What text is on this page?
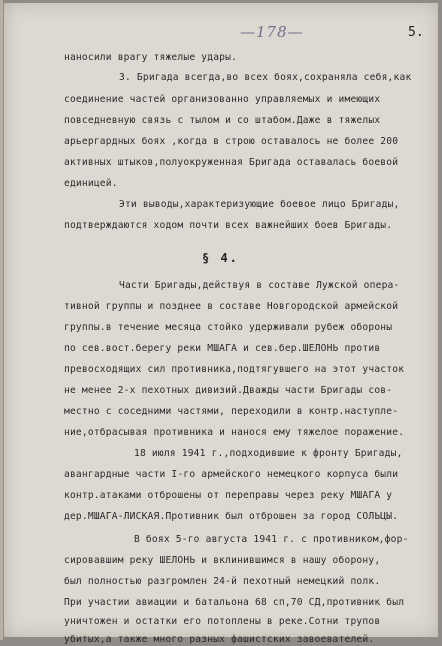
—178—	5.
наносили врагу тяжелые удары.
3. Бригада всегда,во всех боях,сохраняла себя,как
соединение частей организованно управляемых и имеющих
повседневную связь с тылом и со штабом.Даже в тяжелых
арьергардных боях ,когда в строю оставалось не более 200
активных штыков,полуокруженная Бригада оставалась боевой
единицей.
Эти выводы,характеризующие боевое лицо Бригады,
подтверждаются ходом почти всех важнейших боев Бригады.
§ 4.
Части Бригады,действуя в составе Лужской опера-
тивной группы и позднее в составе Новгородской армейской
группы.в течение месяца стойко удерживали рубеж обороны
по сев.вост.берегу реки МШАГА и сев.бер.ШЕЛОНЬ против
превосходящих сил противника,подтягувшего на этот участок
не менее 2-х пехотных дивизий.Дважды части Бригады сов-
местно с соседними частями, переходили в контр.наступле-
ние,отбрасывая противника и нанося ему тяжелое поражение.
18 июля 1941 г.,подходившие к фронту Бригады,
авангардные части I-го армейского немецкого корпуса были
контр.атаками отброшены от переправы через реку МШАГА у
дер.МШАГА-ЛИСКАЯ.Противник был отброшен за город СОЛЬЦЫ.
В боях 5-го августа 1941 г. с противником,фор-
сировавшим реку ШЕЛОНЬ и вклинившимся в нашу оборону,
был полностью разгромлен 24-й пехотный немецкий полк.
При участии авиации и батальона 68 сп,70 СД,противник был
уничтожен и остатки его потоплены в реке.Сотни трупов
убитых,а также много разных фашистских завоевателей.
